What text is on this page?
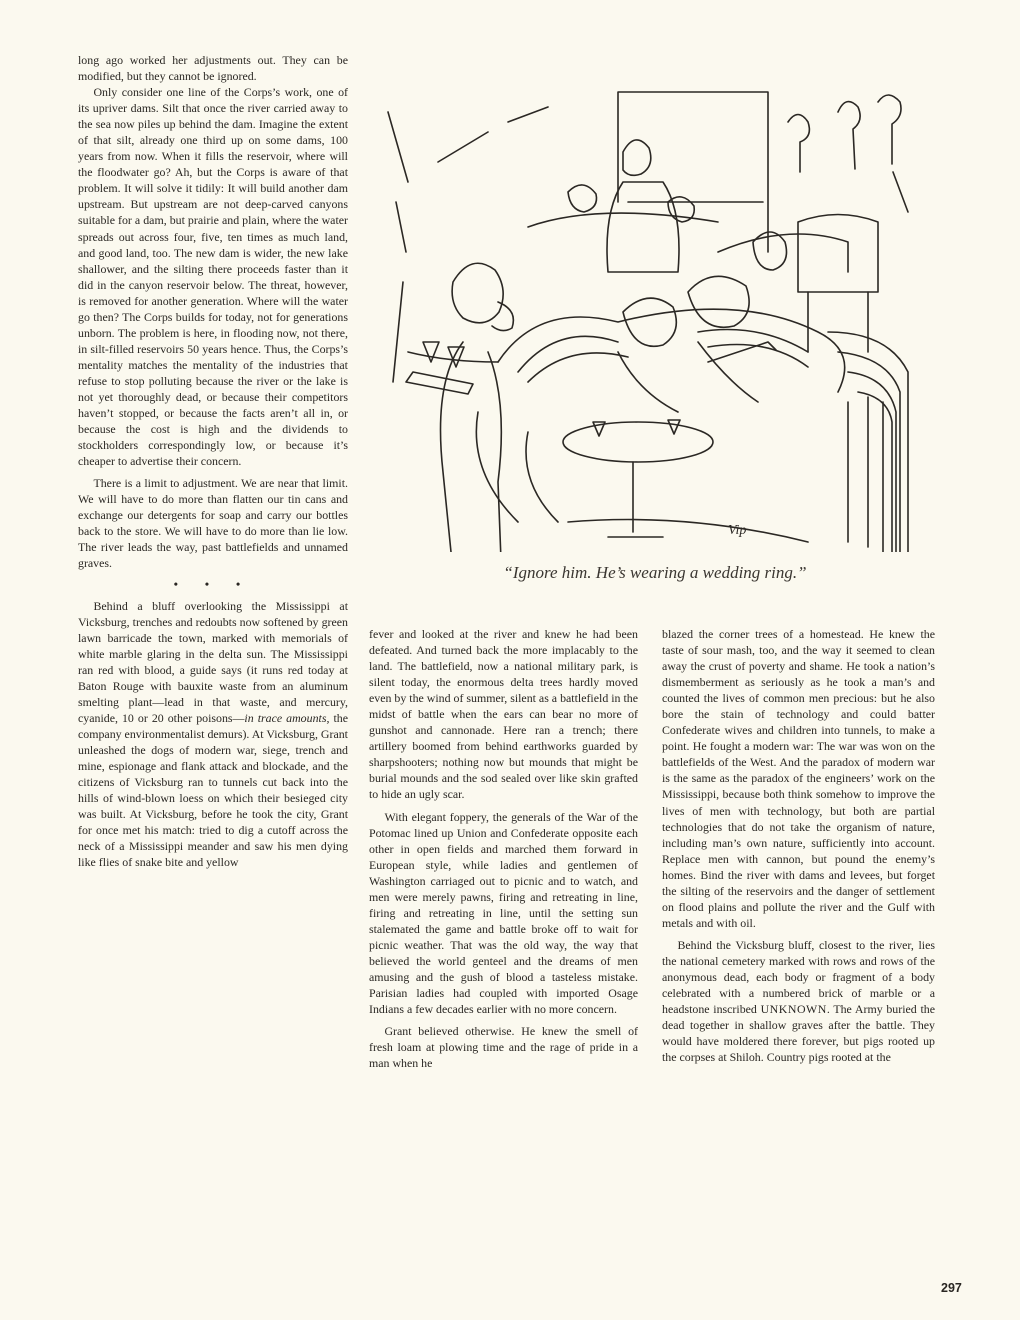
long ago worked her adjustments out. They can be modified, but they cannot be ignored.

Only consider one line of the Corps’s work, one of its upriver dams. Silt that once the river carried away to the sea now piles up behind the dam. Imagine the extent of that silt, already one third up on some dams, 100 years from now. When it fills the reservoir, where will the floodwater go? Ah, but the Corps is aware of that problem. It will solve it tidily: It will build another dam upstream. But upstream are not deep-carved canyons suitable for a dam, but prairie and plain, where the water spreads out across four, five, ten times as much land, and good land, too. The new dam is wider, the new lake shallower, and the silting there proceeds faster than it did in the canyon reservoir below. The threat, however, is removed for another generation. Where will the water go then? The Corps builds for today, not for generations unborn. The problem is here, in flooding now, not there, in silt-filled reservoirs 50 years hence. Thus, the Corps’s mentality matches the mentality of the industries that refuse to stop polluting because the river or the lake is not yet thoroughly dead, or because their competitors haven’t stopped, or because the facts aren’t all in, or because the cost is high and the dividends to stockholders correspondingly low, or because it’s cheaper to advertise their concern.

There is a limit to adjustment. We are near that limit. We will have to do more than flatten our tin cans and exchange our detergents for soap and carry our bottles back to the store. We will have to do more than lie low. The river leads the way, past battlefields and unnamed graves.

• • •

Behind a bluff overlooking the Mississippi at Vicksburg, trenches and redoubts now softened by green lawn barricade the town, marked with memorials of white marble glaring in the delta sun. The Mississippi ran red with blood, a guide says (it runs red today at Baton Rouge with bauxite waste from an aluminum smelting plant—lead in that waste, and mercury, cyanide, 10 or 20 other poisons—in trace amounts, the company environmentalist demurs). At Vicksburg, Grant unleashed the dogs of modern war, siege, trench and mine, espionage and flank attack and blockade, and the citizens of Vicksburg ran to tunnels cut back into the hills of wind-blown loess on which their besieged city was built. At Vicksburg, before he took the city, Grant for once met his match: tried to dig a cutoff across the neck of a Mississippi meander and saw his men dying like flies of snake bite and yellow

Vip
“Ignore him. He’s wearing a wedding ring.”

fever and looked at the river and knew he had been defeated. And turned back the more implacably to the land. The battlefield, now a national military park, is silent today, the enormous delta trees hardly moved even by the wind of summer, silent as a battlefield in the midst of battle when the ears can bear no more of gunshot and cannonade. Here ran a trench; there artillery boomed from behind earthworks guarded by sharpshooters; nothing now but mounds that might be burial mounds and the sod sealed over like skin grafted to hide an ugly scar.

With elegant foppery, the generals of the War of the Potomac lined up Union and Confederate opposite each other in open fields and marched them forward in European style, while ladies and gentlemen of Washington carriaged out to picnic and to watch, and men were merely pawns, firing and retreating in line, firing and retreating in line, until the setting sun stalemated the game and battle broke off to wait for picnic weather. That was the old way, the way that believed the world genteel and the dreams of men amusing and the gush of blood a tasteless mistake. Parisian ladies had coupled with imported Osage Indians a few decades earlier with no more concern.

Grant believed otherwise. He knew the smell of fresh loam at plowing time and the rage of pride in a man when he

blazed the corner trees of a homestead. He knew the taste of sour mash, too, and the way it seemed to clean away the crust of poverty and shame. He took a nation’s dismemberment as seriously as he took a man’s and counted the lives of common men precious: but he also bore the stain of technology and could batter Confederate wives and children into tunnels, to make a point. He fought a modern war: The war was won on the battlefields of the West. And the paradox of modern war is the same as the paradox of the engineers’ work on the Mississippi, because both think somehow to improve the lives of men with technology, but both are partial technologies that do not take the organism of nature, including man’s own nature, sufficiently into account. Replace men with cannon, but pound the enemy’s homes. Bind the river with dams and levees, but forget the silting of the reservoirs and the danger of settlement on flood plains and pollute the river and the Gulf with metals and with oil.

Behind the Vicksburg bluff, closest to the river, lies the national cemetery marked with rows and rows of the anonymous dead, each body or fragment of a body celebrated with a numbered brick of marble or a headstone inscribed UNKNOWN. The Army buried the dead together in shallow graves after the battle. They would have moldered there forever, but pigs rooted up the corpses at Shiloh. Country pigs rooted at the

297
